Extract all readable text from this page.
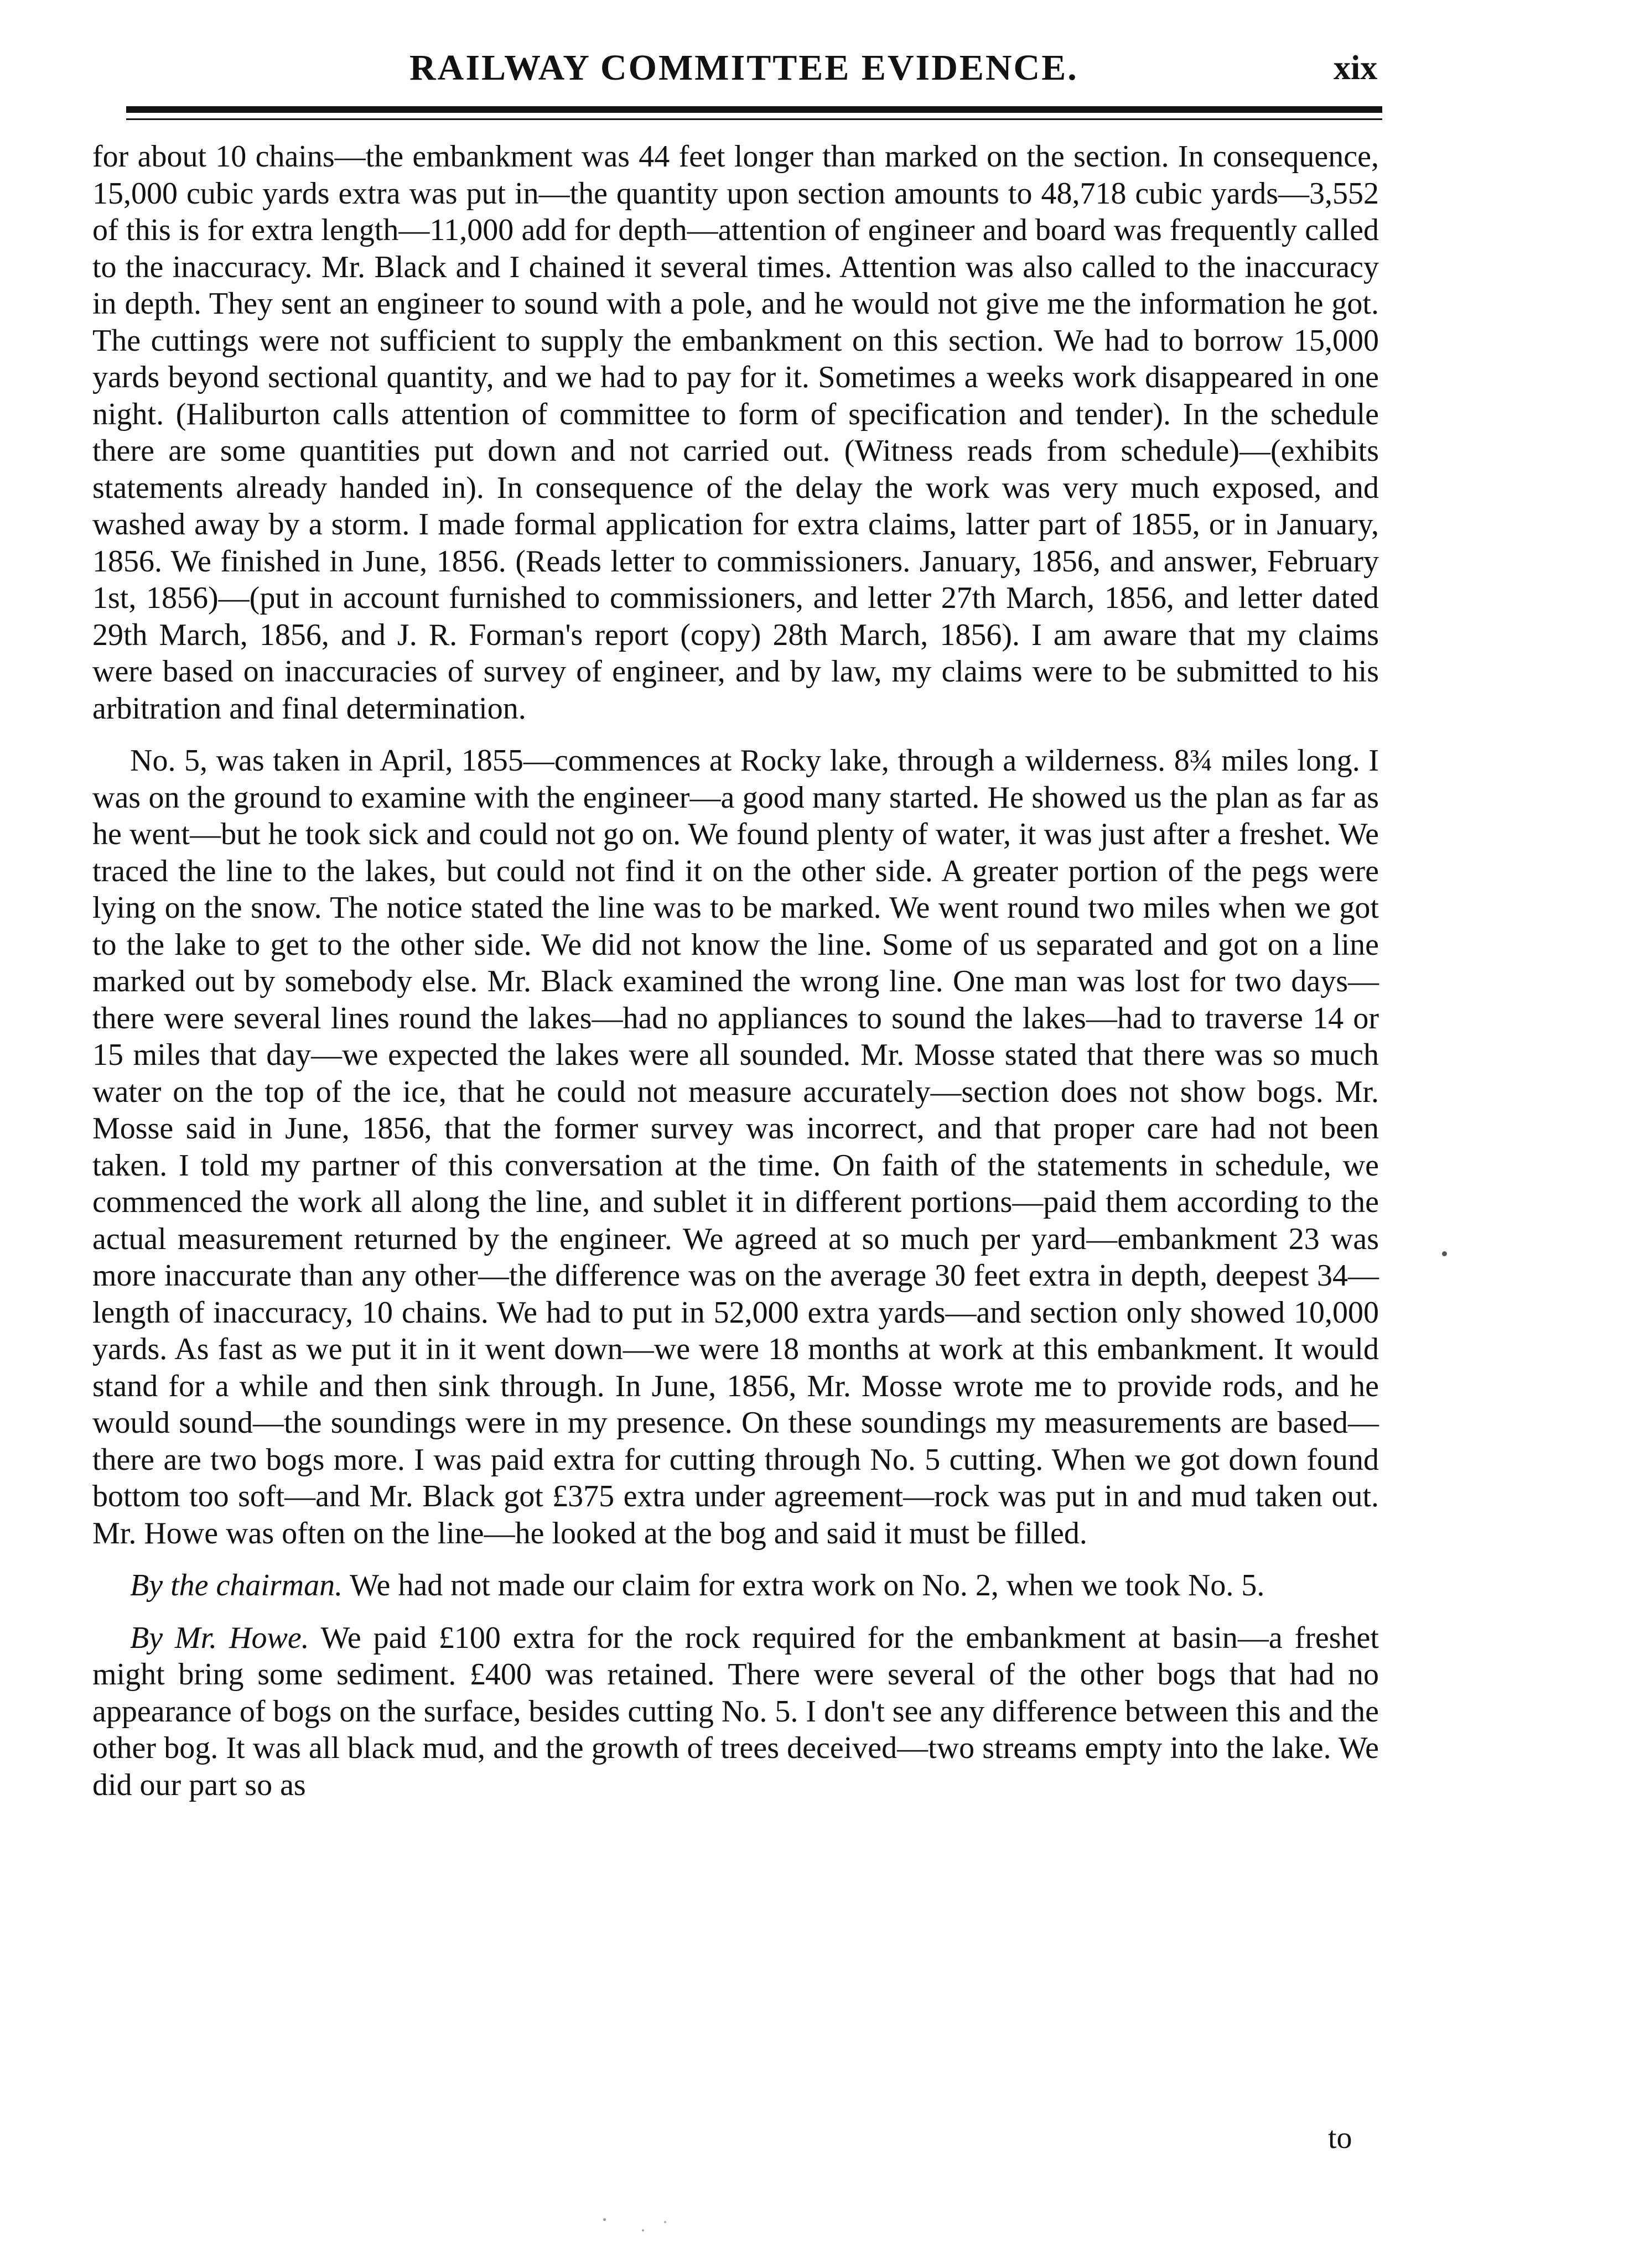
RAILWAY COMMITTEE EVIDENCE.	xix

for about 10 chains—the embankment was 44 feet longer than marked on the section. In consequence, 15,000 cubic yards extra was put in—the quantity upon section amounts to 48,718 cubic yards—3,552 of this is for extra length—11,000 add for depth—attention of engineer and board was frequently called to the inaccuracy. Mr. Black and I chained it several times. Attention was also called to the inaccuracy in depth. They sent an engineer to sound with a pole, and he would not give me the information he got. The cuttings were not sufficient to supply the embankment on this section. We had to borrow 15,000 yards beyond sectional quantity, and we had to pay for it. Sometimes a weeks work disappeared in one night. (Haliburton calls attention of committee to form of specification and tender). In the schedule there are some quantities put down and not carried out. (Witness reads from schedule)—(exhibits statements already handed in). In consequence of the delay the work was very much exposed, and washed away by a storm. I made formal application for extra claims, latter part of 1855, or in January, 1856. We finished in June, 1856. (Reads letter to commissioners. January, 1856, and answer, February 1st, 1856)—(put in account furnished to commissioners, and letter 27th March, 1856, and letter dated 29th March, 1856, and J. R. Forman's report (copy) 28th March, 1856). I am aware that my claims were based on inaccuracies of survey of engineer, and by law, my claims were to be submitted to his arbitration and final determination.

No. 5, was taken in April, 1855—commences at Rocky lake, through a wilderness. 8¾ miles long. I was on the ground to examine with the engineer—a good many started. He showed us the plan as far as he went—but he took sick and could not go on. We found plenty of water, it was just after a freshet. We traced the line to the lakes, but could not find it on the other side. A greater portion of the pegs were lying on the snow. The notice stated the line was to be marked. We went round two miles when we got to the lake to get to the other side. We did not know the line. Some of us separated and got on a line marked out by somebody else. Mr. Black examined the wrong line. One man was lost for two days—there were several lines round the lakes—had no appliances to sound the lakes—had to traverse 14 or 15 miles that day—we expected the lakes were all sounded. Mr. Mosse stated that there was so much water on the top of the ice, that he could not measure accurately—section does not show bogs. Mr. Mosse said in June, 1856, that the former survey was incorrect, and that proper care had not been taken. I told my partner of this conversation at the time. On faith of the statements in schedule, we commenced the work all along the line, and sublet it in different portions—paid them according to the actual measurement returned by the engineer. We agreed at so much per yard—embankment 23 was more inaccurate than any other—the difference was on the average 30 feet extra in depth, deepest 34—length of inaccuracy, 10 chains. We had to put in 52,000 extra yards—and section only showed 10,000 yards. As fast as we put it in it went down—we were 18 months at work at this embankment. It would stand for a while and then sink through. In June, 1856, Mr. Mosse wrote me to provide rods, and he would sound—the soundings were in my presence. On these soundings my measurements are based—there are two bogs more. I was paid extra for cutting through No. 5 cutting. When we got down found bottom too soft—and Mr. Black got £375 extra under agreement—rock was put in and mud taken out. Mr. Howe was often on the line—he looked at the bog and said it must be filled.

By the chairman. We had not made our claim for extra work on No. 2, when we took No. 5.

By Mr. Howe. We paid £100 extra for the rock required for the embankment at basin—a freshet might bring some sediment. £400 was retained. There were several of the other bogs that had no appearance of bogs on the surface, besides cutting No. 5. I don't see any difference between this and the other bog. It was all black mud, and the growth of trees deceived—two streams empty into the lake. We did our part so as

to
